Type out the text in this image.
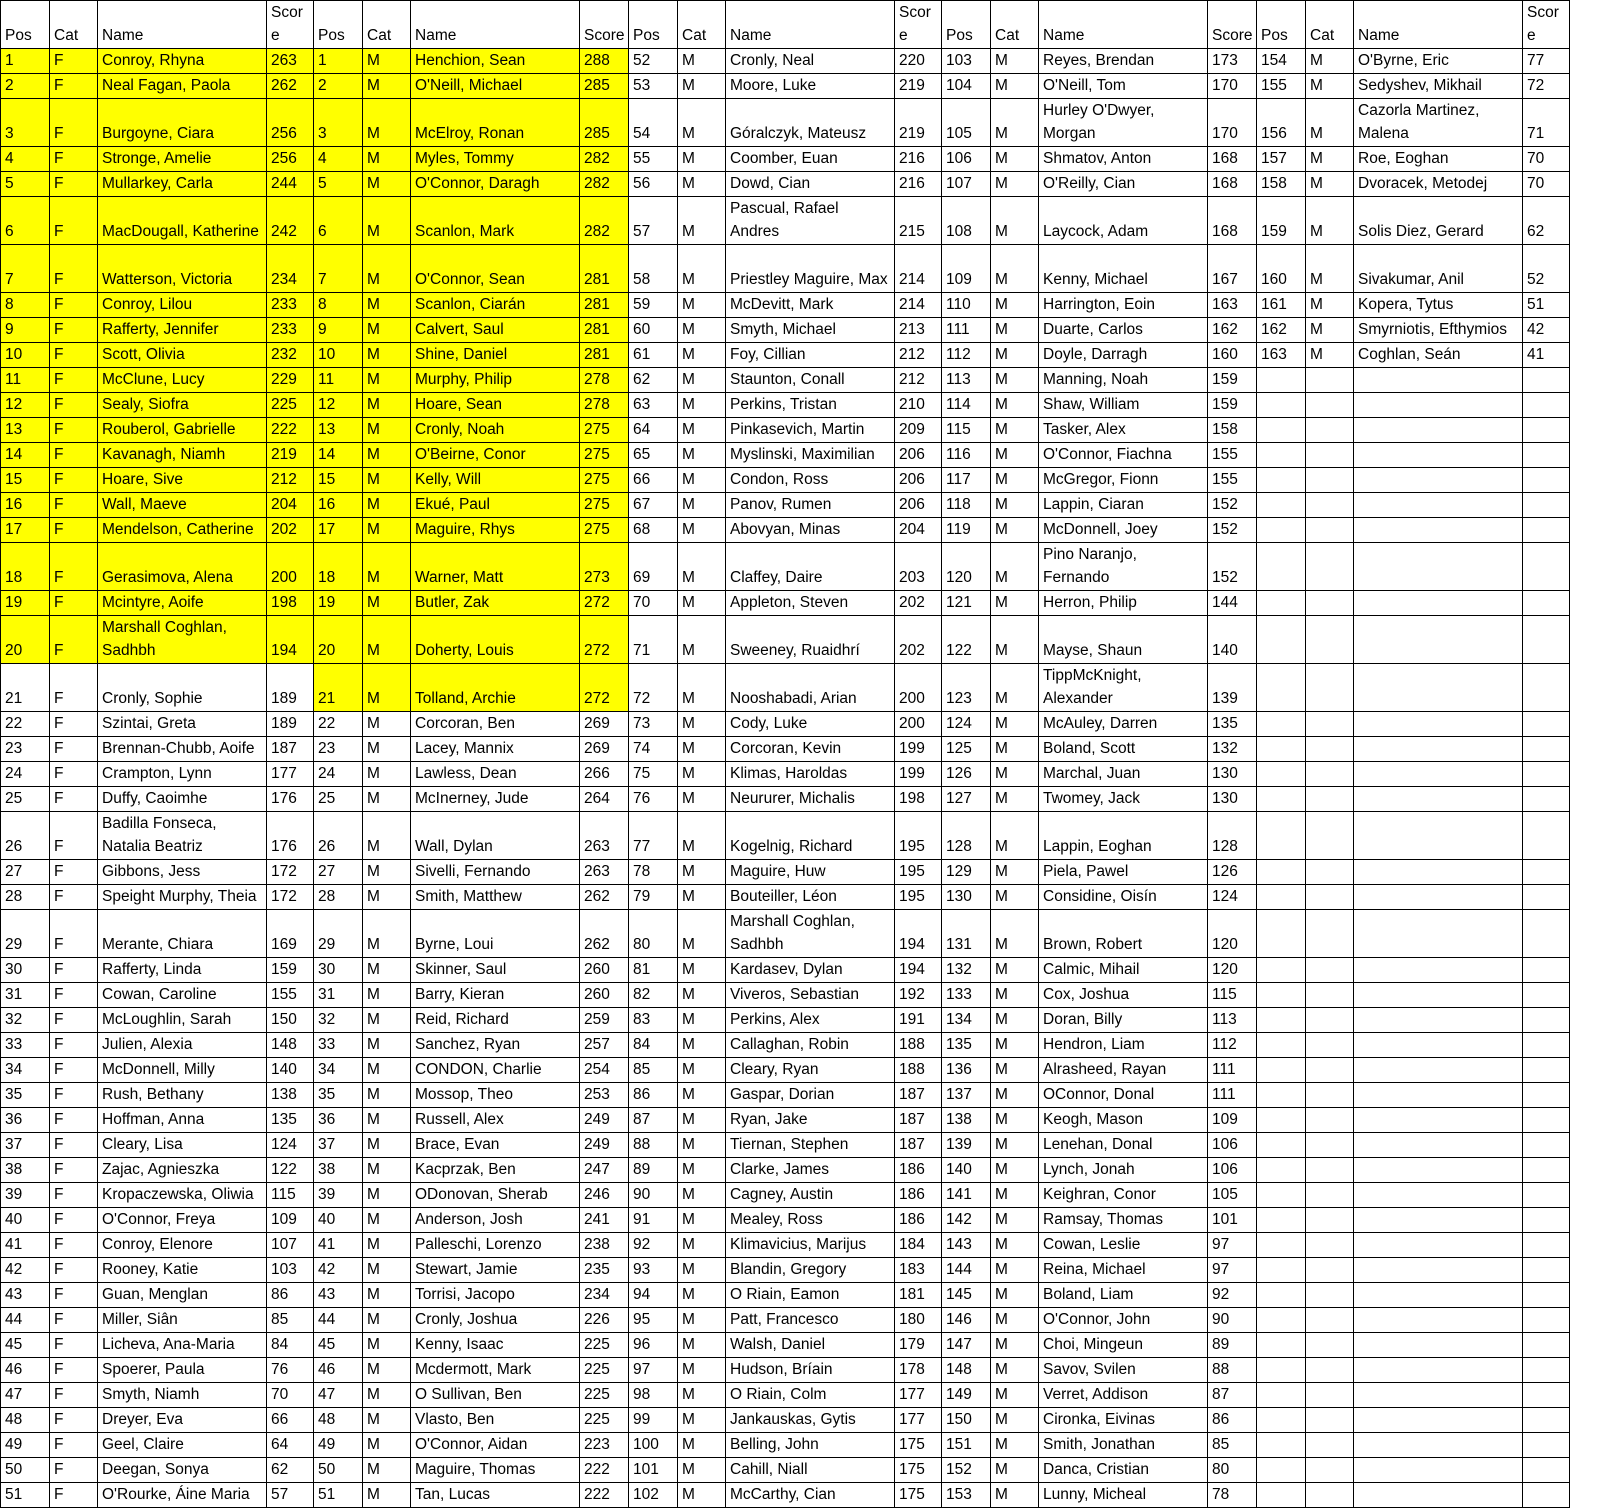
Pos	Cat	Name	Score	Pos	Cat	Name	Score	Pos	Cat	Name	Score	Pos	Cat	Name	Score	Pos	Cat	Name	Score
1	F	Conroy, Rhyna	263	1	M	Henchion, Sean	288	52	M	Cronly, Neal	220	103	M	Reyes, Brendan	173	154	M	O'Byrne, Eric	77
2	F	Neal Fagan, Paola	262	2	M	O'Neill, Michael	285	53	M	Moore, Luke	219	104	M	O'Neill, Tom	170	155	M	Sedyshev, Mikhail	72
3	F	Burgoyne, Ciara	256	3	M	McElroy, Ronan	285	54	M	Góralczyk, Mateusz	219	105	M	Hurley O'Dwyer, Morgan	170	156	M	Cazorla Martinez, Malena	71
4	F	Stronge, Amelie	256	4	M	Myles, Tommy	282	55	M	Coomber, Euan	216	106	M	Shmatov, Anton	168	157	M	Roe, Eoghan	70
5	F	Mullarkey, Carla	244	5	M	O'Connor, Daragh	282	56	M	Dowd, Cian	216	107	M	O'Reilly, Cian	168	158	M	Dvoracek, Metodej	70
6	F	MacDougall, Katherine	242	6	M	Scanlon, Mark	282	57	M	Pascual, Rafael Andres	215	108	M	Laycock, Adam	168	159	M	Solis Diez, Gerard	62
7	F	Watterson, Victoria	234	7	M	O'Connor, Sean	281	58	M	Priestley Maguire, Max	214	109	M	Kenny, Michael	167	160	M	Sivakumar, Anil	52
8	F	Conroy, Lilou	233	8	M	Scanlon, Ciarán	281	59	M	McDevitt, Mark	214	110	M	Harrington, Eoin	163	161	M	Kopera, Tytus	51
9	F	Rafferty, Jennifer	233	9	M	Calvert, Saul	281	60	M	Smyth, Michael	213	111	M	Duarte, Carlos	162	162	M	Smyrniotis, Efthymios	42
10	F	Scott, Olivia	232	10	M	Shine, Daniel	281	61	M	Foy, Cillian	212	112	M	Doyle, Darragh	160	163	M	Coghlan, Seán	41
11	F	McClune, Lucy	229	11	M	Murphy, Philip	278	62	M	Staunton, Conall	212	113	M	Manning, Noah	159				
12	F	Sealy, Siofra	225	12	M	Hoare, Sean	278	63	M	Perkins, Tristan	210	114	M	Shaw, William	159				
13	F	Rouberol, Gabrielle	222	13	M	Cronly, Noah	275	64	M	Pinkasevich, Martin	209	115	M	Tasker, Alex	158				
14	F	Kavanagh, Niamh	219	14	M	O'Beirne, Conor	275	65	M	Myslinski, Maximilian	206	116	M	O'Connor, Fiachna	155				
15	F	Hoare, Sive	212	15	M	Kelly, Will	275	66	M	Condon, Ross	206	117	M	McGregor, Fionn	155				
16	F	Wall, Maeve	204	16	M	Ekué, Paul	275	67	M	Panov, Rumen	206	118	M	Lappin, Ciaran	152				
17	F	Mendelson, Catherine	202	17	M	Maguire, Rhys	275	68	M	Abovyan, Minas	204	119	M	McDonnell, Joey	152				
18	F	Gerasimova, Alena	200	18	M	Warner, Matt	273	69	M	Claffey, Daire	203	120	M	Pino Naranjo, Fernando	152				
19	F	Mcintyre, Aoife	198	19	M	Butler, Zak	272	70	M	Appleton, Steven	202	121	M	Herron, Philip	144				
20	F	Marshall Coghlan, Sadhbh	194	20	M	Doherty, Louis	272	71	M	Sweeney, Ruaidhrí	202	122	M	Mayse, Shaun	140				
21	F	Cronly, Sophie	189	21	M	Tolland, Archie	272	72	M	Nooshabadi, Arian	200	123	M	TippMcKnight, Alexander	139				
22	F	Szintai, Greta	189	22	M	Corcoran, Ben	269	73	M	Cody, Luke	200	124	M	McAuley, Darren	135				
23	F	Brennan-Chubb, Aoife	187	23	M	Lacey, Mannix	269	74	M	Corcoran, Kevin	199	125	M	Boland, Scott	132				
24	F	Crampton, Lynn	177	24	M	Lawless, Dean	266	75	M	Klimas, Haroldas	199	126	M	Marchal, Juan	130				
25	F	Duffy, Caoimhe	176	25	M	McInerney, Jude	264	76	M	Neururer, Michalis	198	127	M	Twomey, Jack	130				
26	F	Badilla Fonseca, Natalia Beatriz	176	26	M	Wall, Dylan	263	77	M	Kogelnig, Richard	195	128	M	Lappin, Eoghan	128				
27	F	Gibbons, Jess	172	27	M	Sivelli, Fernando	263	78	M	Maguire, Huw	195	129	M	Piela, Pawel	126				
28	F	Speight Murphy, Theia	172	28	M	Smith, Matthew	262	79	M	Bouteiller, Léon	195	130	M	Considine, Oisín	124				
29	F	Merante, Chiara	169	29	M	Byrne, Loui	262	80	M	Marshall Coghlan, Sadhbh	194	131	M	Brown, Robert	120				
30	F	Rafferty, Linda	159	30	M	Skinner, Saul	260	81	M	Kardasev, Dylan	194	132	M	Calmic, Mihail	120				
31	F	Cowan, Caroline	155	31	M	Barry, Kieran	260	82	M	Viveros, Sebastian	192	133	M	Cox, Joshua	115				
32	F	McLoughlin, Sarah	150	32	M	Reid, Richard	259	83	M	Perkins, Alex	191	134	M	Doran, Billy	113				
33	F	Julien, Alexia	148	33	M	Sanchez, Ryan	257	84	M	Callaghan, Robin	188	135	M	Hendron, Liam	112				
34	F	McDonnell, Milly	140	34	M	CONDON, Charlie	254	85	M	Cleary, Ryan	188	136	M	Alrasheed, Rayan	111				
35	F	Rush, Bethany	138	35	M	Mossop, Theo	253	86	M	Gaspar, Dorian	187	137	M	OConnor, Donal	111				
36	F	Hoffman, Anna	135	36	M	Russell, Alex	249	87	M	Ryan, Jake	187	138	M	Keogh, Mason	109				
37	F	Cleary, Lisa	124	37	M	Brace, Evan	249	88	M	Tiernan, Stephen	187	139	M	Lenehan, Donal	106				
38	F	Zajac, Agnieszka	122	38	M	Kacprzak, Ben	247	89	M	Clarke, James	186	140	M	Lynch, Jonah	106				
39	F	Kropaczewska, Oliwia	115	39	M	ODonovan, Sherab	246	90	M	Cagney, Austin	186	141	M	Keighran, Conor	105				
40	F	O'Connor, Freya	109	40	M	Anderson, Josh	241	91	M	Mealey, Ross	186	142	M	Ramsay, Thomas	101				
41	F	Conroy, Elenore	107	41	M	Palleschi, Lorenzo	238	92	M	Klimavicius, Marijus	184	143	M	Cowan, Leslie	97				
42	F	Rooney, Katie	103	42	M	Stewart, Jamie	235	93	M	Blandin, Gregory	183	144	M	Reina, Michael	97				
43	F	Guan, Menglan	86	43	M	Torrisi, Jacopo	234	94	M	O Riain, Eamon	181	145	M	Boland, Liam	92				
44	F	Miller, Siân	85	44	M	Cronly, Joshua	226	95	M	Patt, Francesco	180	146	M	O'Connor, John	90				
45	F	Licheva, Ana-Maria	84	45	M	Kenny, Isaac	225	96	M	Walsh, Daniel	179	147	M	Choi, Mingeun	89				
46	F	Spoerer, Paula	76	46	M	Mcdermott, Mark	225	97	M	Hudson, Bríain	178	148	M	Savov, Svilen	88				
47	F	Smyth, Niamh	70	47	M	O Sullivan, Ben	225	98	M	O Riain, Colm	177	149	M	Verret, Addison	87				
48	F	Dreyer, Eva	66	48	M	Vlasto, Ben	225	99	M	Jankauskas, Gytis	177	150	M	Cironka, Eivinas	86				
49	F	Geel, Claire	64	49	M	O'Connor, Aidan	223	100	M	Belling, John	175	151	M	Smith, Jonathan	85				
50	F	Deegan, Sonya	62	50	M	Maguire, Thomas	222	101	M	Cahill, Niall	175	152	M	Danca, Cristian	80				
51	F	O'Rourke, Áine Maria	57	51	M	Tan, Lucas	222	102	M	McCarthy, Cian	175	153	M	Lunny, Micheal	78				
